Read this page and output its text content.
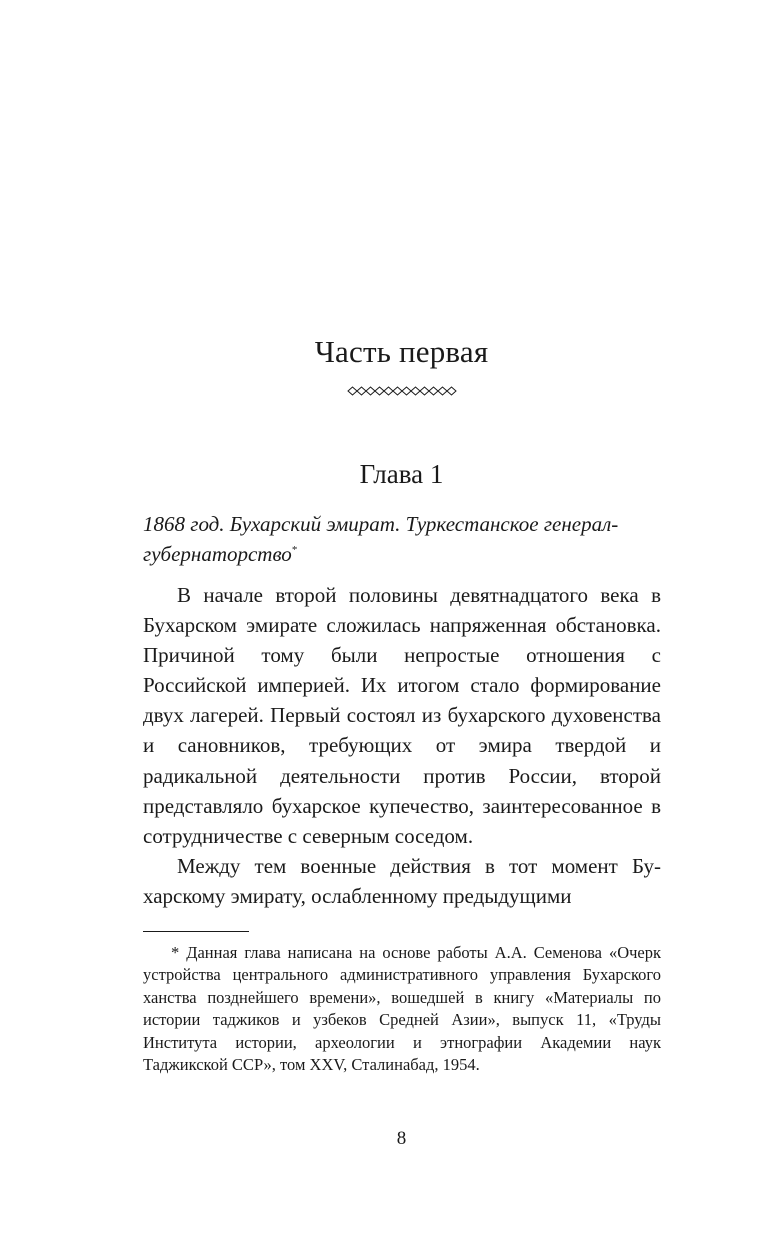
Часть первая
Глава 1
1868 год. Бухарский эмират. Туркестанское генерал-губернаторство*

В начале второй половины девятнадцатого века в Бухарском эмирате сложилась напряженная обстановка. Причиной тому были непростые отношения с Российской империей. Их итогом стало формирование двух лагерей. Первый состоял из бухарского духовенства и сановников, требующих от эмира твердой и радикальной деятельности против России, второй представляло бухарское купечество, заинтересованное в сотрудничестве с северным соседом.

Между тем военные действия в тот момент Бухарскому эмирату, ослабленному предыдущими

* Данная глава написана на основе работы А.А. Семенова «Очерк устройства центрального административного управления Бухарского ханства позднейшего времени», вошедшей в книгу «Материалы по истории таджиков и узбеков Средней Азии», выпуск 11, «Труды Института истории, археологии и этнографии Академии наук Таджикской ССР», том XXV, Сталинабад, 1954.

8
